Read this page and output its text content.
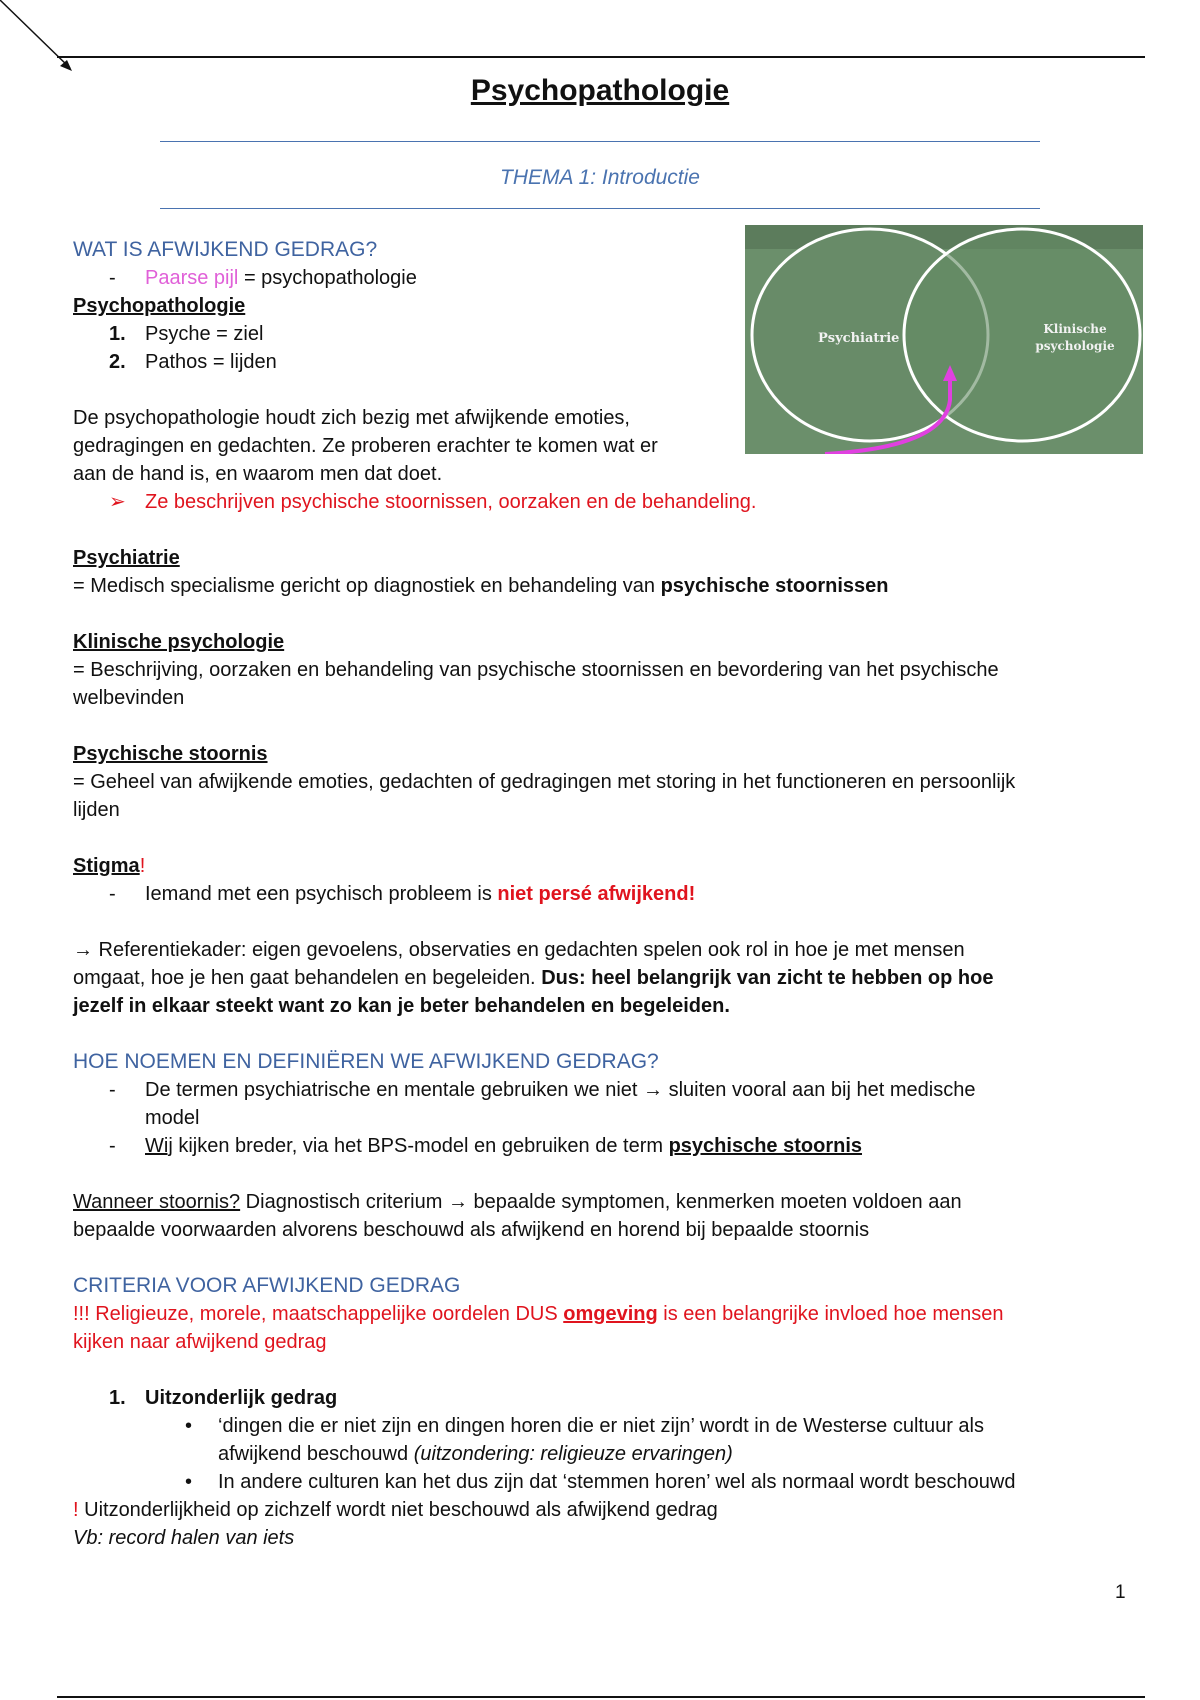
Psychopathologie
THEMA 1: Introductie
Psychiatrie
Klinische
psychologie

WAT IS AFWIJKEND GEDRAG?

-	Paarse pijl = psychopathologie

Psychopathologie

1. Psyche = ziel
2. Pathos = lijden

De psychopathologie houdt zich bezig met afwijkende emoties,

gedragingen en gedachten. Ze proberen erachter te komen wat er

aan de hand is, en waarom men dat doet.

➢ Ze beschrijven psychische stoornissen, oorzaken en de behandeling.

Psychiatrie

= Medisch specialisme gericht op diagnostiek en behandeling van psychische stoornissen

Klinische psychologie

= Beschrijving, oorzaken en behandeling van psychische stoornissen en bevordering van het psychische

welbevinden

Psychische stoornis

= Geheel van afwijkende emoties, gedachten of gedragingen met storing in het functioneren en persoonlijk

lijden

Stigma!

-	Iemand met een psychisch probleem is niet persé afwijkend!

→ Referentiekader: eigen gevoelens, observaties en gedachten spelen ook rol in hoe je met mensen

omgaat, hoe je hen gaat behandelen en begeleiden. Dus: heel belangrijk van zicht te hebben op hoe

jezelf in elkaar steekt want zo kan je beter behandelen en begeleiden.

HOE NOEMEN EN DEFINIËREN WE AFWIJKEND GEDRAG?

-	De termen psychiatrische en mentale gebruiken we niet → sluiten vooral aan bij het medische
model
-	Wij kijken breder, via het BPS-model en gebruiken de term psychische stoornis

Wanneer stoornis? Diagnostisch criterium → bepaalde symptomen, kenmerken moeten voldoen aan

bepaalde voorwaarden alvorens beschouwd als afwijkend en horend bij bepaalde stoornis

CRITERIA VOOR AFWIJKEND GEDRAG

!!! Religieuze, morele, maatschappelijke oordelen DUS omgeving is een belangrijke invloed hoe mensen

kijken naar afwijkend gedrag

1. Uitzonderlijk gedrag
•	‘dingen die er niet zijn en dingen horen die er niet zijn’ wordt in de Westerse cultuur als
afwijkend beschouwd (uitzondering: religieuze ervaringen)
•	In andere culturen kan het dus zijn dat ‘stemmen horen’ wel als normaal wordt beschouwd

! Uitzonderlijkheid op zichzelf wordt niet beschouwd als afwijkend gedrag

Vb: record halen van iets

1
